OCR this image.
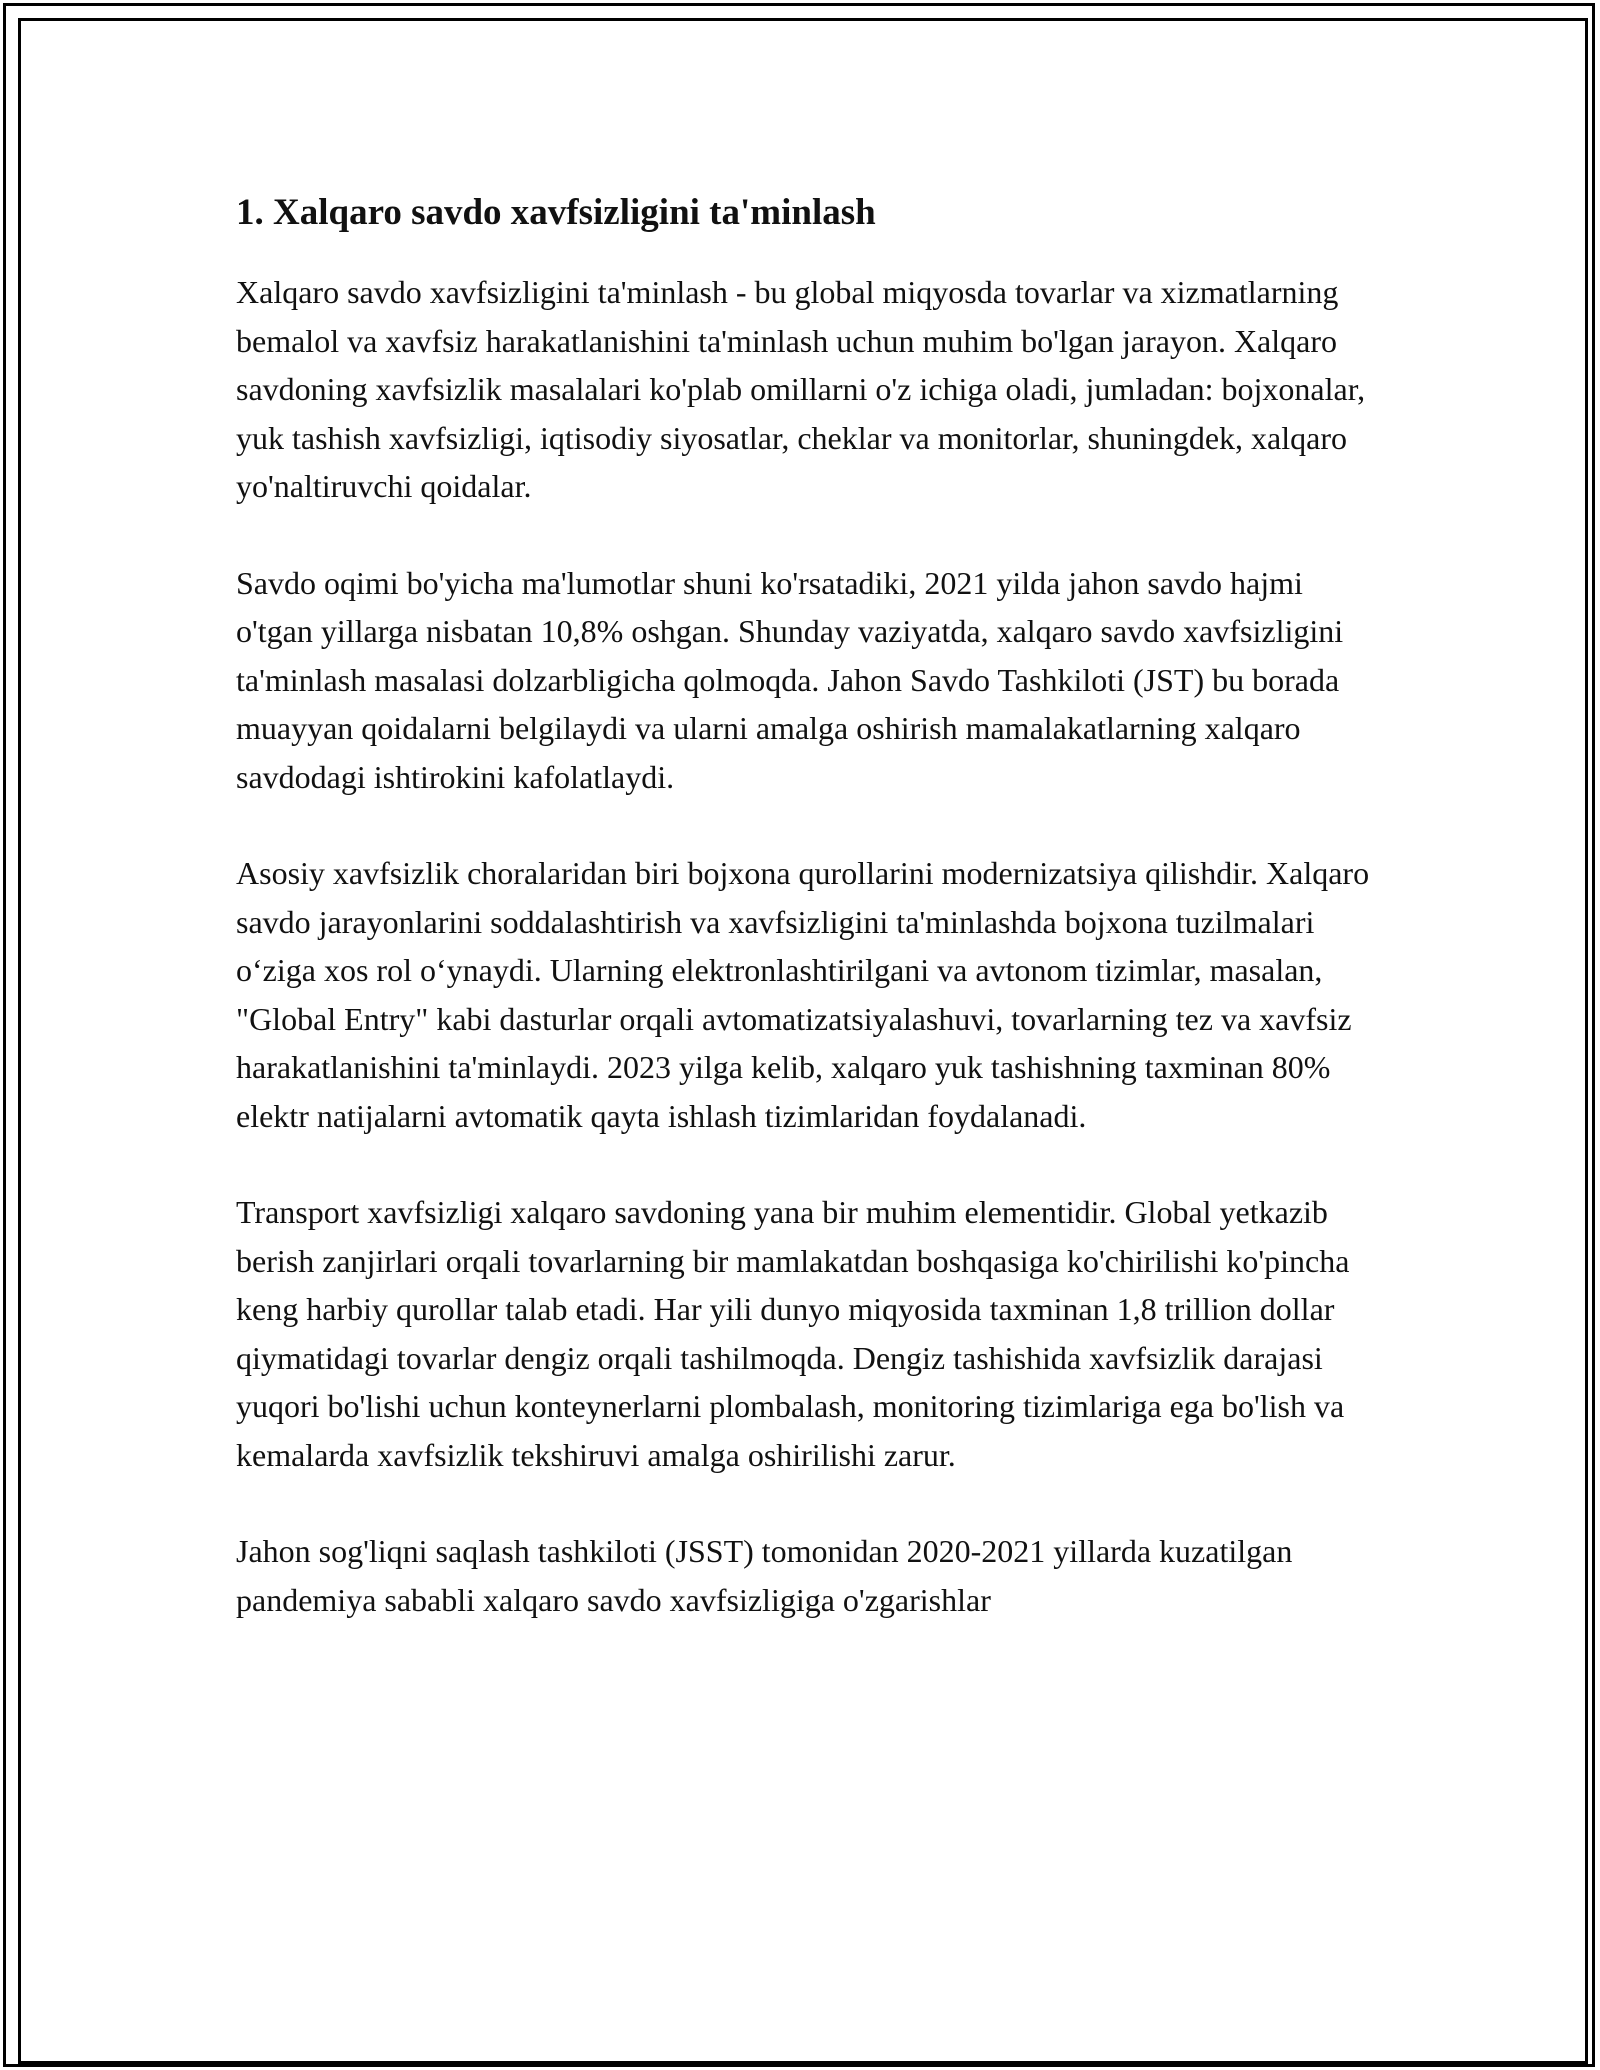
1. Xalqaro savdo xavfsizligini ta'minlash

Xalqaro savdo xavfsizligini ta'minlash - bu global miqyosda tovarlar va xizmatlarning bemalol va xavfsiz harakatlanishini ta'minlash uchun muhim bo'lgan jarayon. Xalqaro savdoning xavfsizlik masalalari ko'plab omillarni o'z ichiga oladi, jumladan: bojxonalar, yuk tashish xavfsizligi, iqtisodiy siyosatlar, cheklar va monitorlar, shuningdek, xalqaro yo'naltiruvchi qoidalar.

Savdo oqimi bo'yicha ma'lumotlar shuni ko'rsatadiki, 2021 yilda jahon savdo hajmi o'tgan yillarga nisbatan 10,8% oshgan. Shunday vaziyatda, xalqaro savdo xavfsizligini ta'minlash masalasi dolzarbligicha qolmoqda. Jahon Savdo Tashkiloti (JST) bu borada muayyan qoidalarni belgilaydi va ularni amalga oshirish mamalakatlarning xalqaro savdodagi ishtirokini kafolatlaydi.

Asosiy xavfsizlik choralaridan biri bojxona qurollarini modernizatsiya qilishdir. Xalqaro savdo jarayonlarini soddalashtirish va xavfsizligini ta'minlashda bojxona tuzilmalari o‘ziga xos rol o‘ynaydi. Ularning elektronlashtirilgani va avtonom tizimlar, masalan, "Global Entry" kabi dasturlar orqali avtomatizatsiyalashuvi, tovarlarning tez va xavfsiz harakatlanishini ta'minlaydi. 2023 yilga kelib, xalqaro yuk tashishning taxminan 80% elektr natijalarni avtomatik qayta ishlash tizimlaridan foydalanadi.

Transport xavfsizligi xalqaro savdoning yana bir muhim elementidir. Global yetkazib berish zanjirlari orqali tovarlarning bir mamlakatdan boshqasiga ko'chirilishi ko'pincha keng harbiy qurollar talab etadi. Har yili dunyo miqyosida taxminan 1,8 trillion dollar qiymatidagi tovarlar dengiz orqali tashilmoqda. Dengiz tashishida xavfsizlik darajasi yuqori bo'lishi uchun konteynerlarni plombalash, monitoring tizimlariga ega bo'lish va kemalarda xavfsizlik tekshiruvi amalga oshirilishi zarur.

Jahon sog'liqni saqlash tashkiloti (JSST) tomonidan 2020-2021 yillarda kuzatilgan pandemiya sababli xalqaro savdo xavfsizligiga o'zgarishlar
